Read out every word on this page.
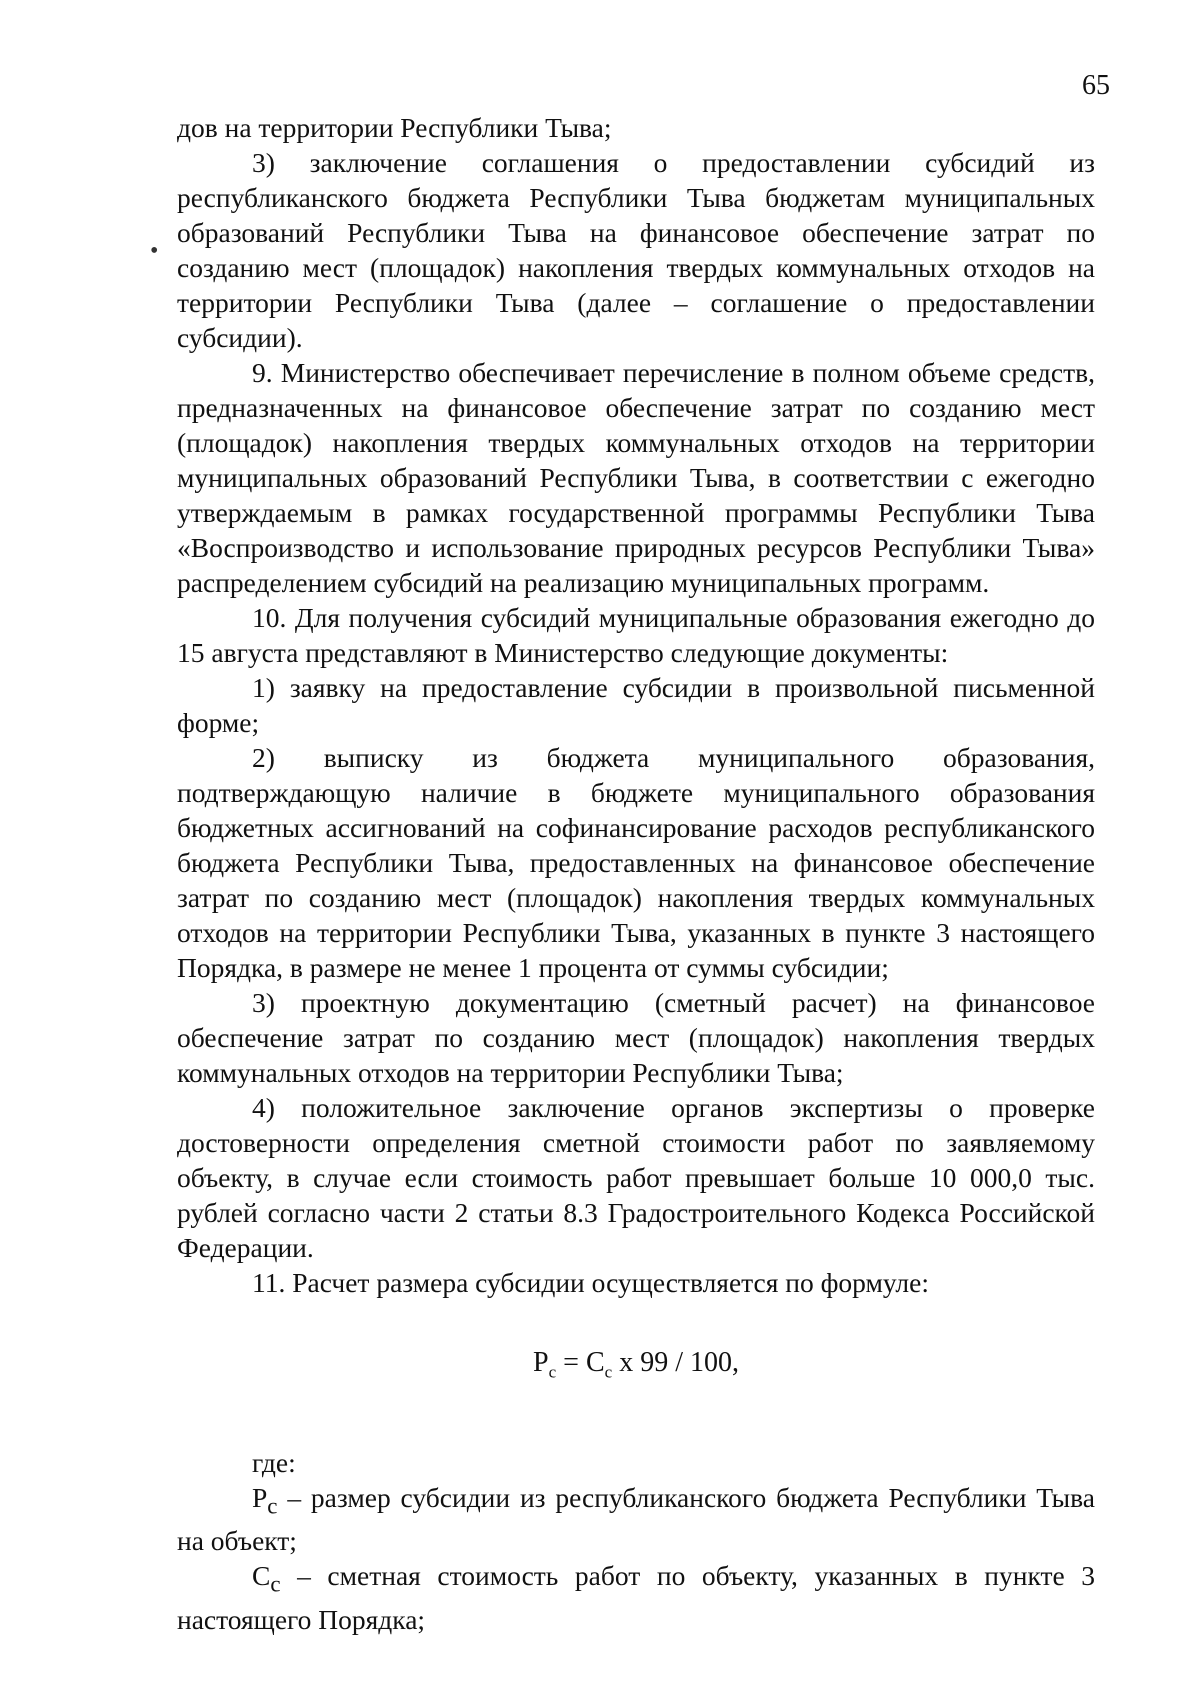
65
•

дов на территории Республики Тыва;

3) заключение соглашения о предоставлении субсидий из республиканского бюджета Республики Тыва бюджетам муниципальных образований Республики Тыва на финансовое обеспечение затрат по созданию мест (площадок) накопления твердых коммунальных отходов на территории Республики Тыва (далее – соглашение о предоставлении субсидии).

9. Министерство обеспечивает перечисление в полном объеме средств, предназначенных на финансовое обеспечение затрат по созданию мест (площадок) накопления твердых коммунальных отходов на территории муниципальных образований Республики Тыва, в соответствии с ежегодно утверждаемым в рамках государственной программы Республики Тыва «Воспроизводство и использование природных ресурсов Республики Тыва» распределением субсидий на реализацию муниципальных программ.

10. Для получения субсидий муниципальные образования ежегодно до 15 августа представляют в Министерство следующие документы:

1) заявку на предоставление субсидии в произвольной письменной форме;

2) выписку из бюджета муниципального образования, подтверждающую наличие в бюджете муниципального образования бюджетных ассигнований на софинансирование расходов республиканского бюджета Республики Тыва, предоставленных на финансовое обеспечение затрат по созданию мест (площадок) накопления твердых коммунальных отходов на территории Республики Тыва, указанных в пункте 3 настоящего Порядка, в размере не менее 1 процента от суммы субсидии;

3) проектную документацию (сметный расчет) на финансовое обеспечение затрат по созданию мест (площадок) накопления твердых коммунальных отходов на территории Республики Тыва;

4) положительное заключение органов экспертизы о проверке достоверности определения сметной стоимости работ по заявляемому объекту, в случае если стоимость работ превышает больше 10 000,0 тыс. рублей согласно части 2 статьи 8.3 Градостроительного Кодекса Российской Федерации.

11. Расчет размера субсидии осуществляется по формуле:

$P_c = C_c$ x 99 / 100,

где:

$P_c$ – размер субсидии из республиканского бюджета Республики Тыва на объект;

$C_c$ – сметная стоимость работ по объекту, указанных в пункте 3 настоящего Порядка;
